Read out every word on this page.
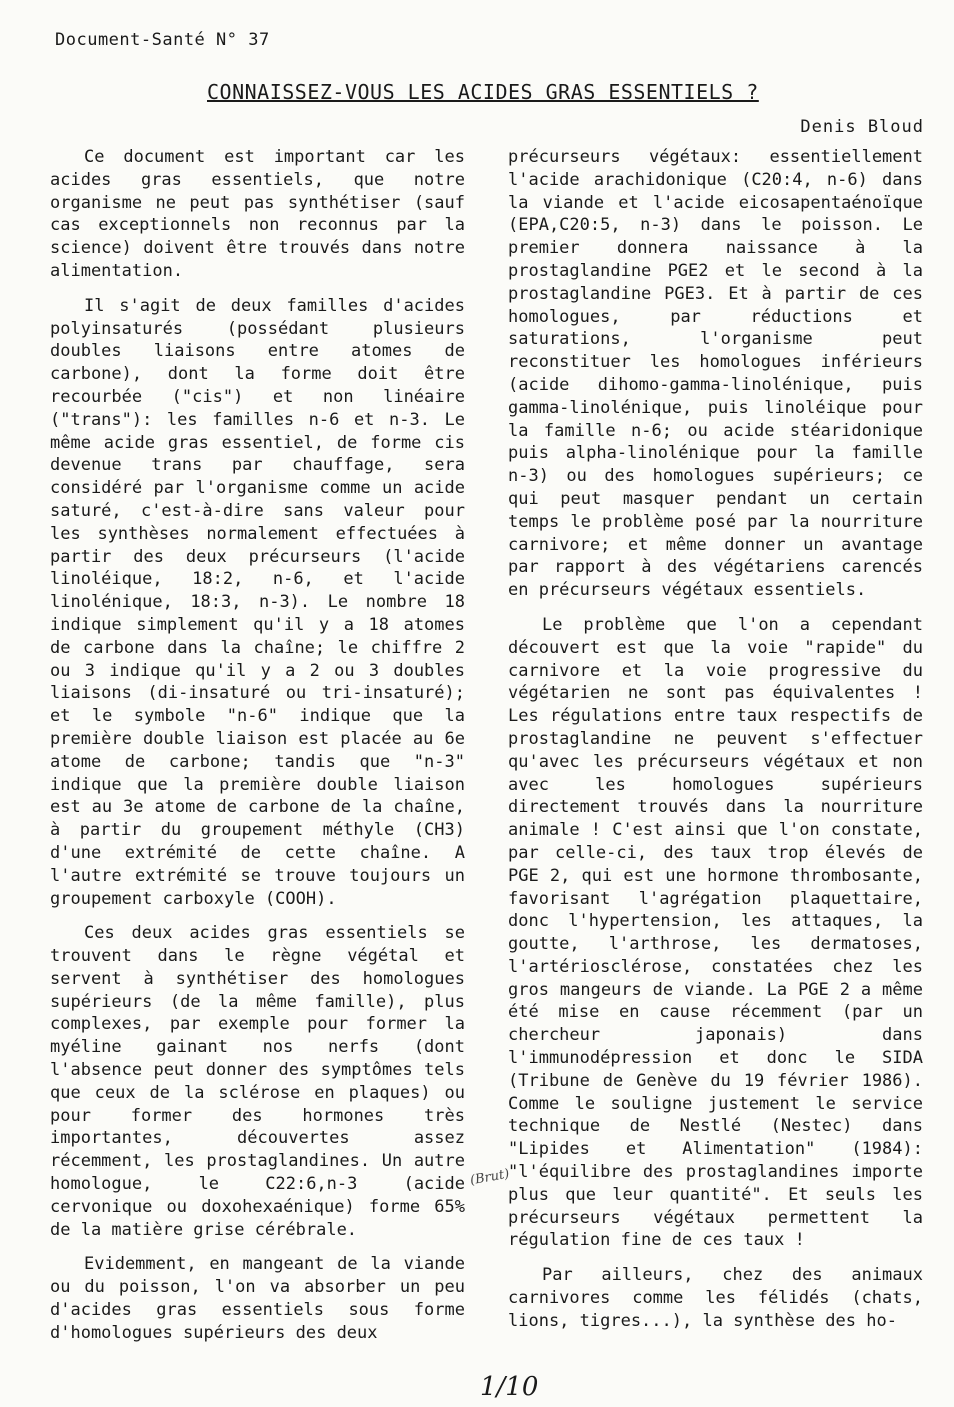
Document-Santé N° 37
CONNAISSEZ-VOUS LES ACIDES GRAS ESSENTIELS ?
Denis Bloud

Ce document est important car les acides gras essentiels, que notre organisme ne peut pas synthétiser (sauf cas exceptionnels non reconnus par la science) doivent être trouvés dans notre alimentation.

Il s'agit de deux familles d'acides polyinsaturés (possédant plusieurs doubles liaisons entre atomes de carbone), dont la forme doit être recourbée ("cis") et non linéaire ("trans"): les familles n-6 et n-3. Le même acide gras essentiel, de forme cis devenue trans par chauffage, sera considéré par l'organisme comme un acide saturé, c'est-à-dire sans valeur pour les synthèses normalement effectuées à partir des deux précurseurs (l'acide linoléique, 18:2, n-6, et l'acide linolénique, 18:3, n-3). Le nombre 18 indique simplement qu'il y a 18 atomes de carbone dans la chaîne; le chiffre 2 ou 3 indique qu'il y a 2 ou 3 doubles liaisons (di-insaturé ou tri-insaturé); et le symbole "n-6" indique que la première double liaison est placée au 6e atome de carbone; tandis que "n-3" indique que la première double liaison est au 3e atome de carbone de la chaîne, à partir du groupement méthyle (CH3) d'une extrémité de cette chaîne. A l'autre extrémité se trouve toujours un groupement carboxyle (COOH).

Ces deux acides gras essentiels se trouvent dans le règne végétal et servent à synthétiser des homologues supérieurs (de la même famille), plus complexes, par exemple pour former la myéline gainant nos nerfs (dont l'absence peut donner des symptômes tels que ceux de la sclérose en plaques) ou pour former des hormones très importantes, découvertes assez récemment, les prostaglandines. Un autre homologue, le C22:6,n-3 (acide cervonique ou doxohexaénique) forme 65% de la matière grise cérébrale.

Evidemment, en mangeant de la viande ou du poisson, l'on va absorber un peu d'acides gras essentiels sous forme d'homologues supérieurs des deux

précurseurs végétaux: essentiellement l'acide arachidonique (C20:4, n-6) dans la viande et l'acide eicosapentaénoïque (EPA,C20:5, n-3) dans le poisson. Le premier donnera naissance à la prostaglandine PGE2 et le second à la prostaglandine PGE3. Et à partir de ces homologues, par réductions et saturations, l'organisme peut reconstituer les homologues inférieurs (acide dihomo-gamma-linolénique, puis gamma-linolénique, puis linoléique pour la famille n-6; ou acide stéaridonique puis alpha-linolénique pour la famille n-3) ou des homologues supérieurs; ce qui peut masquer pendant un certain temps le problème posé par la nourriture carnivore; et même donner un avantage par rapport à des végétariens carencés en précurseurs végétaux essentiels.

Le problème que l'on a cependant découvert est que la voie "rapide" du carnivore et la voie progressive du végétarien ne sont pas équivalentes ! Les régulations entre taux respectifs de prostaglandine ne peuvent s'effectuer qu'avec les précurseurs végétaux et non avec les homologues supérieurs directement trouvés dans la nourriture animale ! C'est ainsi que l'on constate, par celle-ci, des taux trop élevés de PGE 2, qui est une hormone thrombosante, favorisant l'agrégation plaquettaire, donc l'hypertension, les attaques, la goutte, l'arthrose, les dermatoses, l'artériosclérose, constatées chez les gros mangeurs de viande. La PGE 2 a même été mise en cause récemment (par un chercheur japonais) dans l'immunodépression et donc le SIDA (Tribune de Genève du 19 février 1986). Comme le souligne justement le service technique de Nestlé (Nestec) dans "Lipides et Alimentation" (1984): "l'équilibre des prostaglandines importe plus que leur quantité". Et seuls les précurseurs végétaux permettent la régulation fine de ces taux !

Par ailleurs, chez des animaux carnivores comme les félidés (chats, lions, tigres...), la synthèse des ho-

(Brut)
1/10
